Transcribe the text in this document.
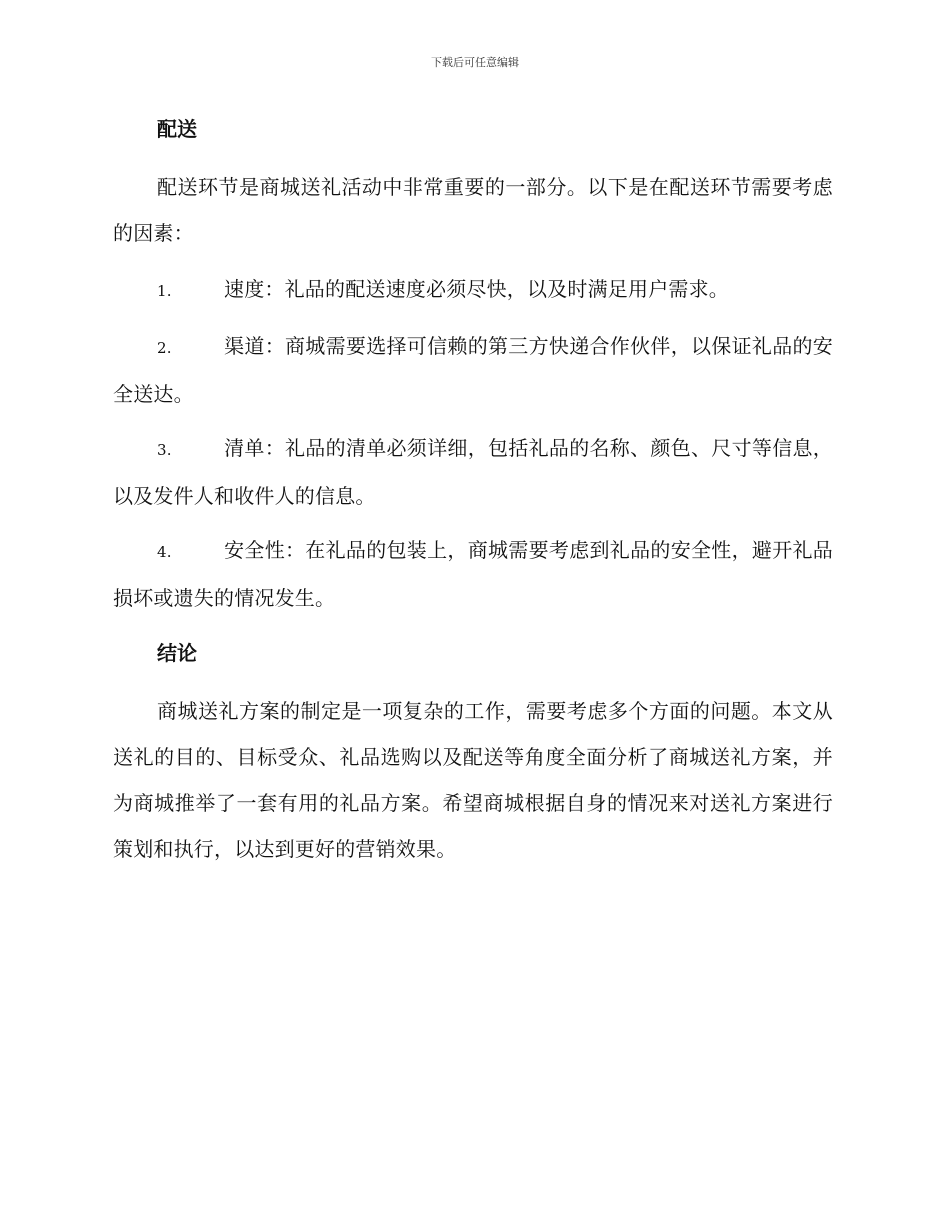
下载后可任意编辑
配送
配送环节是商城送礼活动中非常重要的一部分。以下是在配送环节需要考虑的因素：
1.	速度：礼品的配送速度必须尽快，以及时满足用户需求。
2.	渠道：商城需要选择可信赖的第三方快递合作伙伴，以保证礼品的安全送达。
3.	清单：礼品的清单必须详细，包括礼品的名称、颜色、尺寸等信息，以及发件人和收件人的信息。
4.	安全性：在礼品的包装上，商城需要考虑到礼品的安全性，避开礼品损坏或遗失的情况发生。
结论
商城送礼方案的制定是一项复杂的工作，需要考虑多个方面的问题。本文从送礼的目的、目标受众、礼品选购以及配送等角度全面分析了商城送礼方案，并为商城推举了一套有用的礼品方案。希望商城根据自身的情况来对送礼方案进行策划和执行，以达到更好的营销效果。
